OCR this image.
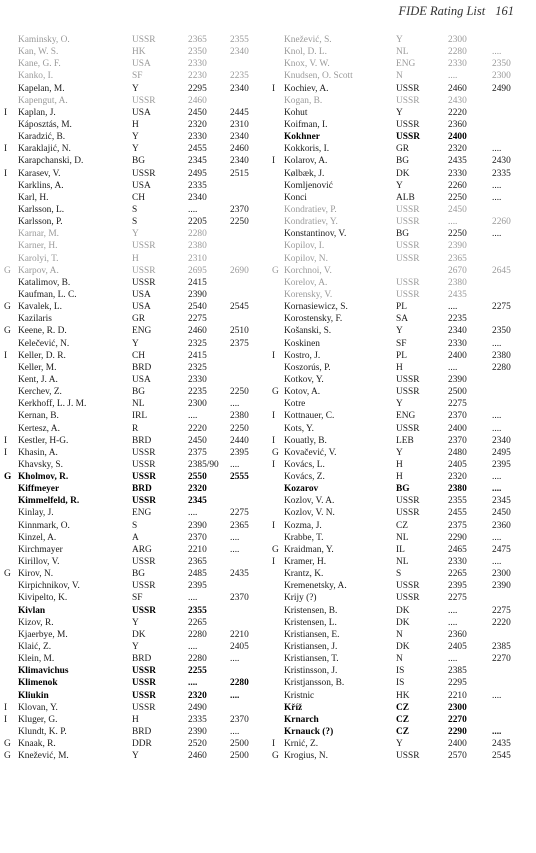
FIDE Rating List 161
Kaminsky, O.	USSR	2365 2355
Kan, W. S.	HK	2350 2340
Kane, G. F.	USA	2330
Kanko, I.	SF	2230 2235
Kapelan, M.	Y	2295 2340
Kapengut, A.	USSR	2460
I Kaplan, J.	USA	2450 2445
Káposztás, M.	H	2320 2310
Karadzić, B.	Y	2330 2340
I Karaklajić, N.	Y	2455 2460
Karapchanski, D.	BG	2345 2340
I Karasev, V.	USSR	2495 2515
Karklins, A.	USA	2335
Karl, H.	CH	2340
Karlsson, L.	S	....	2370
Karlsson, P.	S	2205 2250
Karnar, M.	Y	2280
Karner, H.	USSR	2380
Karolyi, T.	H	2310
G Karpov, A.	USSR	2695 2690
Katalimov, B.	USSR	2415
Kaufman, L. C.	USA	2390
G Kavalek, L.	USA	2540 2545
Kazilaris	GR	2275
G Keene, R. D.	ENG	2460 2510
Kelečević, N.	Y	2325 2375
I Keller, D. R.	CH	2415
Keller, M.	BRD	2325
Kent, J. A.	USA	2330
Kerchev, Z.	BG	2235 2250
Kerkhoff, L. J. M.	NL	2300 ....
Kernan, B.	IRL	....	2380
Kertesz, A.	R	2220 2250
I Kestler, H-G.	BRD	2450 2440
I Khasin, A.	USSR	2375 2395
Khavsky, S.	USSR	2385/90 ....
G Kholmov, R.	USSR	2550 2555
Kiffmeyer	BRD	2320
Kimmelfeld, R.	USSR	2345
Kinlay, J.	ENG	....	2275
Kinnmark, O.	S	2390 2365
Kinzel, A.	A	2370 ....
Kirchmayer	ARG	2210 ....
Kirillov, V.	USSR	2365
G Kirov, N.	BG	2485 2435
Kirpichnikov, V.	USSR	2395
Kivipelto, K.	SF	....	2370
Kivlan	USSR	2355
Kizov, R.	Y	2265
Kjaerbye, M.	DK	2280 2210
Klaić, Z.	Y	....	2405
Klein, M.	BRD	2280 ....
Klimavichus	USSR	2255
Klimenok	USSR	....	2280
Kliukin	USSR	2320 ....
I Klovan, Y.	USSR	2490
I Kluger, G.	H	2335 2370
Klundt, K. P.	BRD	2390 ....
G Knaak, R.	DDR	2520 2500
G Knežević, M.	Y	2460 2500
Knežević, S.	Y	2300
Knol, D. L.	NL	2280	....
Knox, V. W.	ENG	2330	2350
Knudsen, O. Scott	N	....	2300
I Kochiev, A.	USSR	2460	2490
Kogan, B.	USSR	2430
Kohut	Y	2220
Koifman, I.	USSR	2360
Kokhner	USSR	2400
Kokkoris, I.	GR	2320	....
I Kolarov, A.	BG	2435	2430
Kølbæk, J.	DK	2330	2335
Komljenović	Y	2260	....
Konci	ALB	2250	....
Kondratiev, P.	USSR	2450
Kondratiev, Y.	USSR	....	2260
Konstantinov, V.	BG	2250	....
Kopilov, I.	USSR	2390
Kopilov, N.	USSR	2365
G Korchnoi, V.	2670	2645
Korelov, A.	USSR	2380
Korensky, V.	USSR	2435
Kornasiewicz, S.	PL	....	2275
Korostensky, F.	SA	2235
Košanski, S.	Y	2340	2350
Koskinen	SF	2330	....
I Kostro, J.	PL	2400	2380
Koszorús, P.	H	....	2280
Kotkov, Y.	USSR	2390
G Kotov, A.	USSR	2500
Kotre	Y	2275
I Kottnauer, C.	ENG	2370	....
Kots, Y.	USSR	2400	....
I Kouatly, B.	LEB	2370	2340
G Kovačević, V.	Y	2480	2495
I Kovács, L.	H	2405	2395
Kovács, Z.	H	2320	....
Kozarov	BG	2380	....
Kozlov, V. A.	USSR	2355	2345
Kozlov, V. N.	USSR	2455	2450
I Kozma, J.	CZ	2375	2360
Krabbe, T.	NL	2290	....
G Kraidman, Y.	IL	2465	2475
I Kramer, H.	NL	2330	....
Krantz, K.	S	2265	2300
Kremenetsky, A.	USSR	2395	2390
Krijy (?)	USSR	2275
Kristensen, B.	DK	....	2275
Kristensen, L.	DK	....	2220
Kristiansen, E.	N	2360
Kristiansen, J.	DK	2405	2385
Kristiansen, T.	N	....	2270
Kristinsson, J.	IS	2385
Kristjansson, B.	IS	2295
Kristnic	HK	2210	....
Kříž	CZ	2300
Krnarch	CZ	2270
Krnauck (?)	CZ	2290	....
I Krnić, Z.	Y	2400	2435
G Krogius, N.	USSR	2570	2545
